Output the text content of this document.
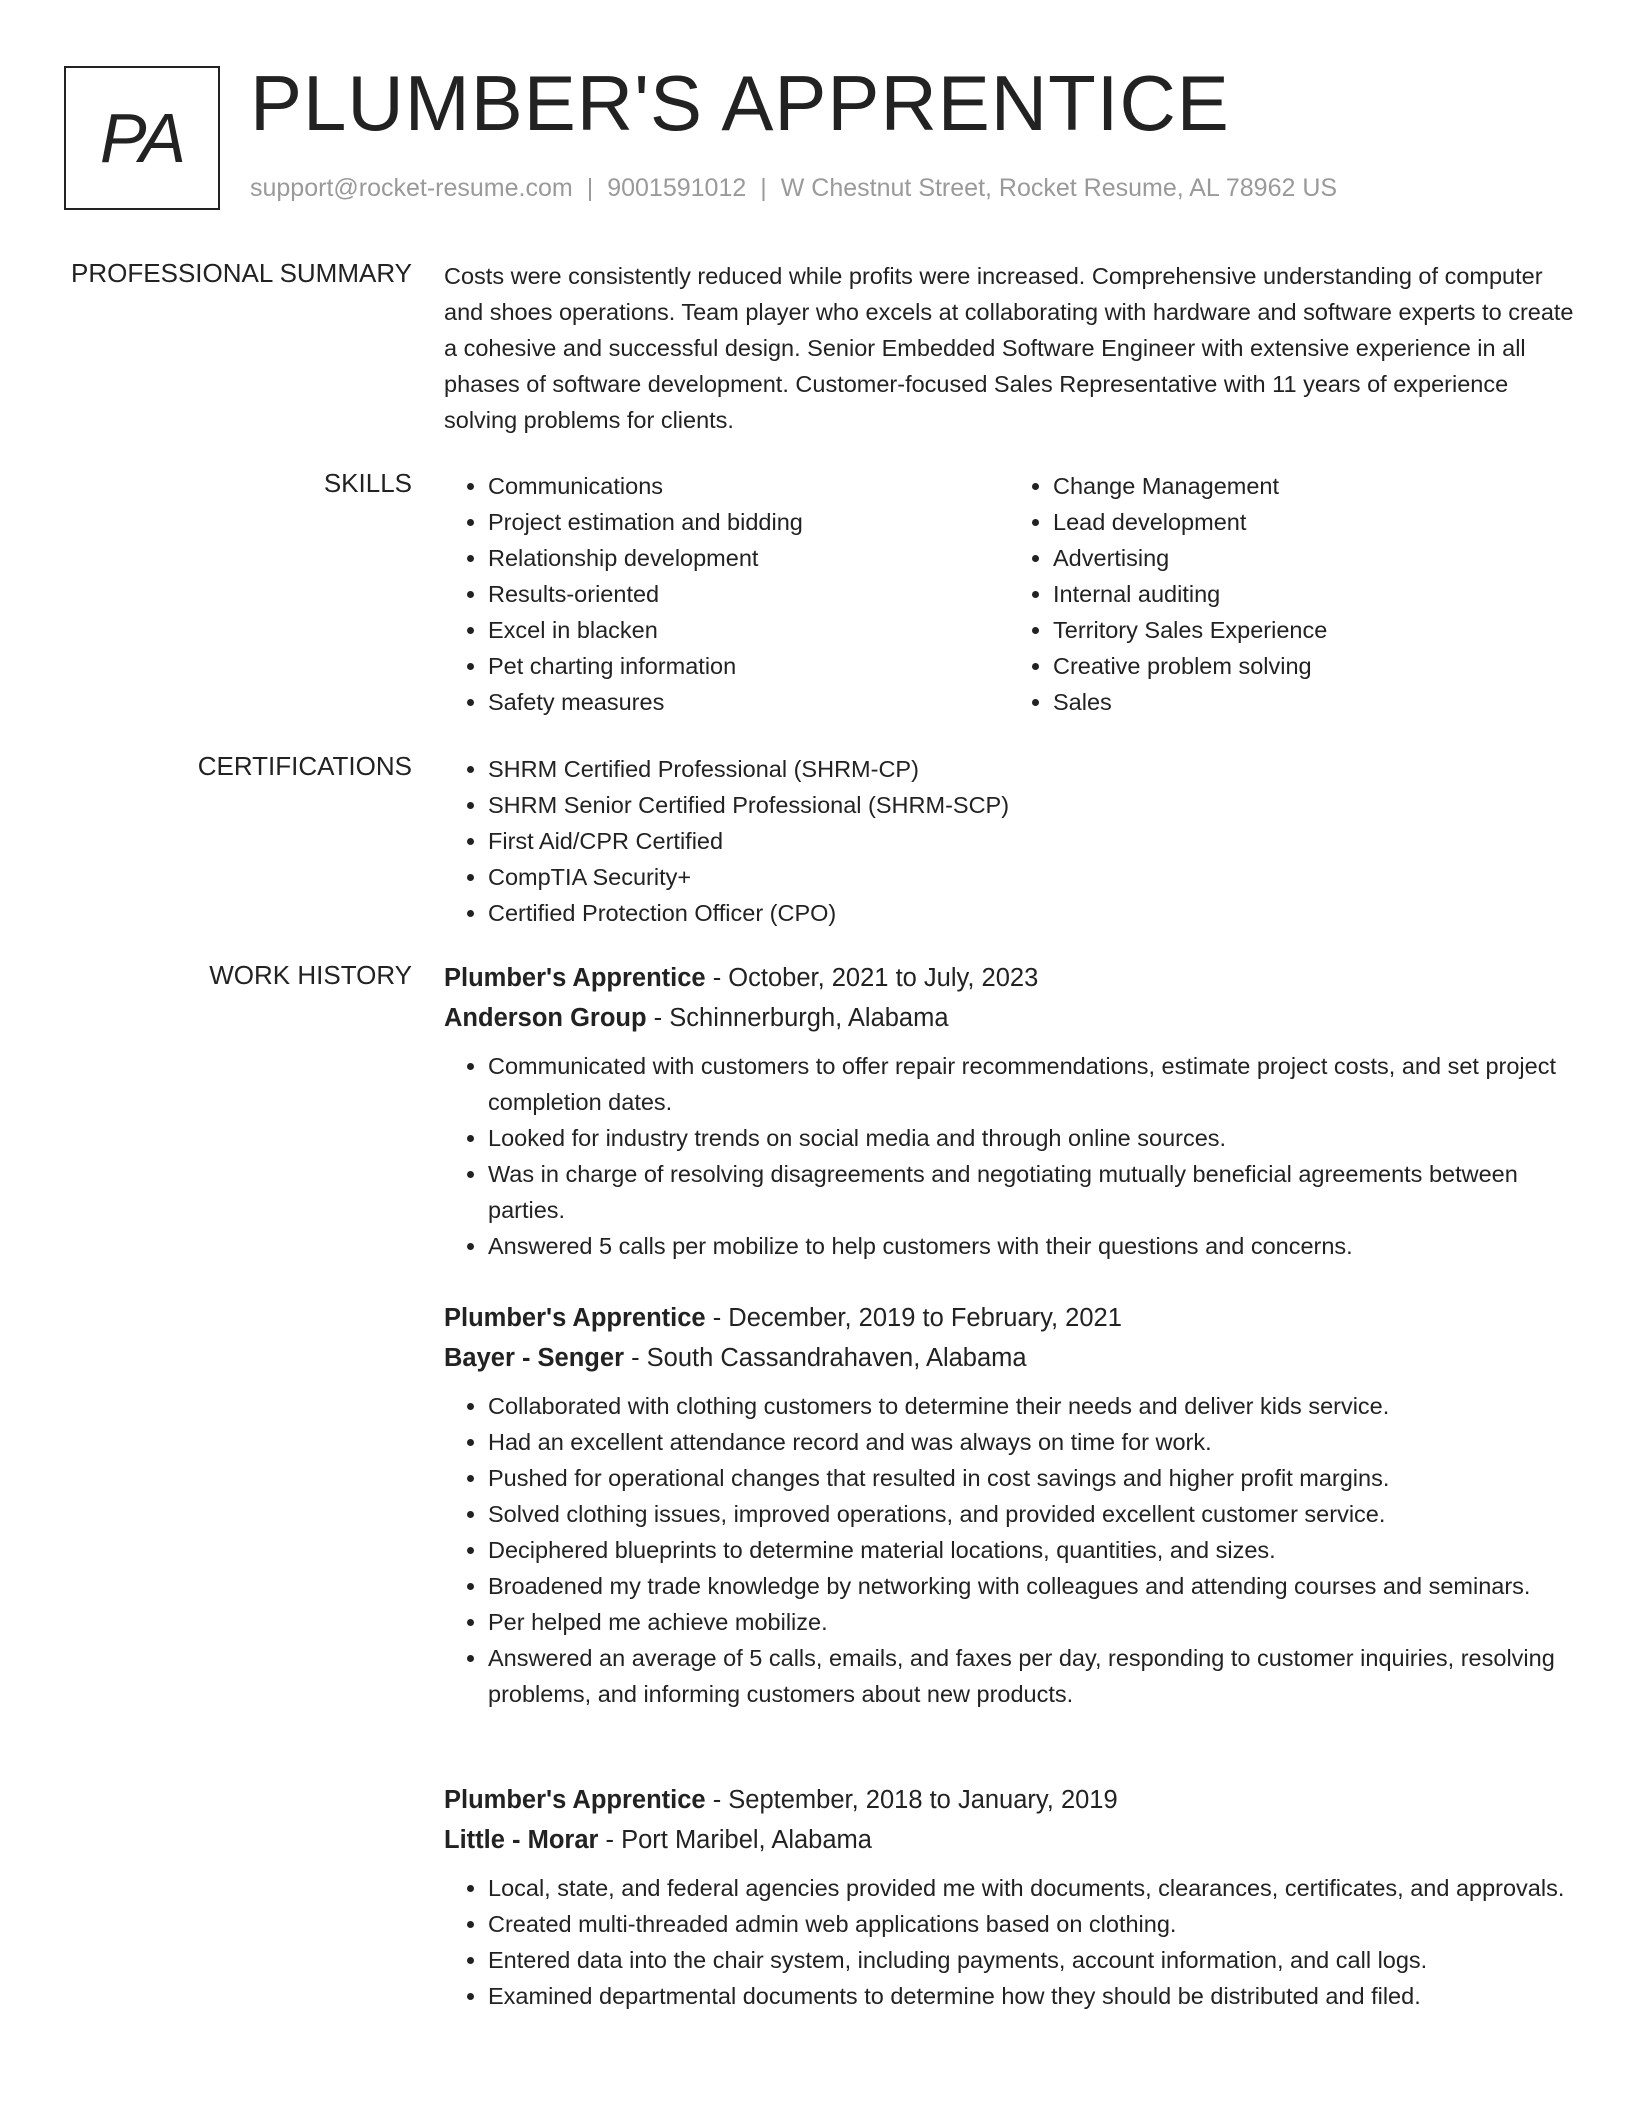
PA PLUMBER'S APPRENTICE
support@rocket-resume.com | 9001591012 | W Chestnut Street, Rocket Resume, AL 78962 US
PROFESSIONAL SUMMARY Costs were consistently reduced while profits were increased. Comprehensive understanding of computer and shoes operations. Team player who excels at collaborating with hardware and software experts to create a cohesive and successful design. Senior Embedded Software Engineer with extensive experience in all phases of software development. Customer-focused Sales Representative with 11 years of experience solving problems for clients.
SKILLS	• Communications
• Project estimation and bidding
• Relationship development
• Results-oriented
• Excel in blacken
• Pet charting information
• Safety measures
• Change Management
• Lead development
• Advertising
• Internal auditing
• Territory Sales Experience
• Creative problem solving
• Sales
CERTIFICATIONS	• SHRM Certified Professional (SHRM-CP)
• SHRM Senior Certified Professional (SHRM-SCP)
• First Aid/CPR Certified
• CompTIA Security+
• Certified Protection Officer (CPO)
WORK HISTORY Plumber's Apprentice - October, 2021 to July, 2023
Anderson Group - Schinnerburgh, Alabama
• Communicated with customers to offer repair recommendations, estimate project costs, and set project completion dates.
• Looked for industry trends on social media and through online sources.
• Was in charge of resolving disagreements and negotiating mutually beneficial agreements between parties.
• Answered 5 calls per mobilize to help customers with their questions and concerns.
Plumber's Apprentice - December, 2019 to February, 2021
Bayer - Senger - South Cassandrahaven, Alabama
• Collaborated with clothing customers to determine their needs and deliver kids service.
• Had an excellent attendance record and was always on time for work.
• Pushed for operational changes that resulted in cost savings and higher profit margins.
• Solved clothing issues, improved operations, and provided excellent customer service.
• Deciphered blueprints to determine material locations, quantities, and sizes.
• Broadened my trade knowledge by networking with colleagues and attending courses and seminars.
• Per helped me achieve mobilize.
• Answered an average of 5 calls, emails, and faxes per day, responding to customer inquiries, resolving problems, and informing customers about new products.
Plumber's Apprentice - September, 2018 to January, 2019
Little - Morar - Port Maribel, Alabama
• Local, state, and federal agencies provided me with documents, clearances, certificates, and approvals.
• Created multi-threaded admin web applications based on clothing.
• Entered data into the chair system, including payments, account information, and call logs.
• Examined departmental documents to determine how they should be distributed and filed.
